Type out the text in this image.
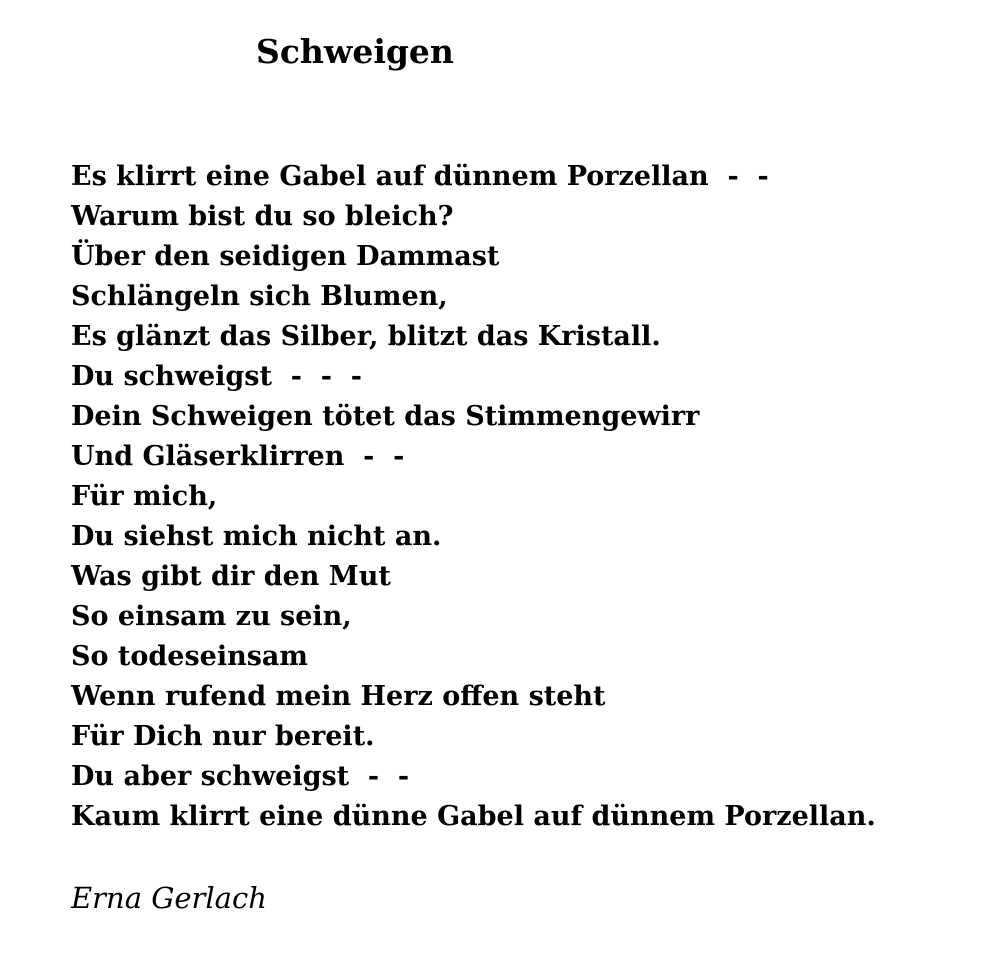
Schweigen
Es klirrt eine Gabel auf dünnem Porzellan  -  -
Warum bist du so bleich?
Über den seidigen Dammast
Schlängeln sich Blumen,
Es glänzt das Silber, blitzt das Kristall.
Du schweigst  -  -  -
Dein Schweigen tötet das Stimmengewirr
Und Gläserklirren  -  -
Für mich,
Du siehst mich nicht an.
Was gibt dir den Mut
So einsam zu sein,
So todeseinsam
Wenn rufend mein Herz offen steht
Für Dich nur bereit.
Du aber schweigst  -  -
Kaum klirrt eine dünne Gabel auf dünnem Porzellan.

Erna Gerlach
